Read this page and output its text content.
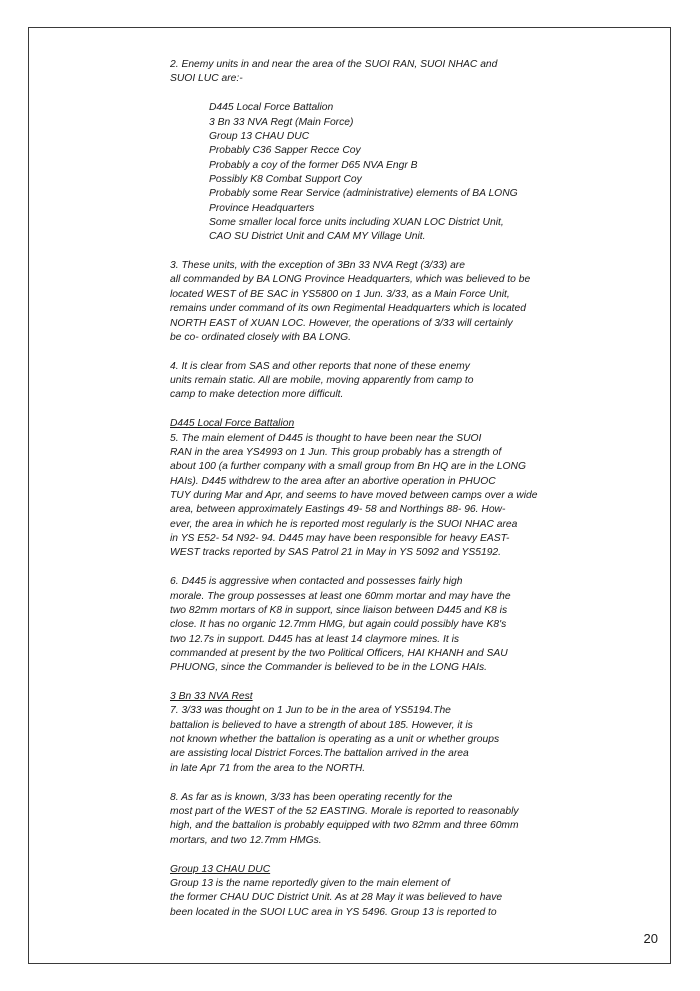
2. Enemy units in and near the area of the SUOI RAN, SUOI NHAC and
SUOI LUC are:-
D445 Local Force Battalion
3 Bn 33 NVA Regt (Main Force)
Group 13 CHAU DUC
Probably C36 Sapper Recce Coy
Probably a coy of the former D65 NVA Engr B
Possibly K8 Combat Support Coy
Probably some Rear Service (administrative) elements of BA LONG
Province Headquarters
Some smaller local force units including XUAN LOC District Unit,
CAO SU District Unit and CAM MY Village Unit.
3. These units, with the exception of 3Bn 33 NVA Regt (3/33) are
all commanded by BA LONG Province Headquarters, which was believed to be
located WEST of BE SAC in YS5800 on 1 Jun. 3/33, as a Main Force Unit,
remains under command of its own Regimental Headquarters which is located
NORTH EAST of XUAN LOC. However, the operations of 3/33 will certainly
be co- ordinated closely with BA LONG.
4. It is clear from SAS and other reports that none of these enemy
units remain static. All are mobile, moving apparently from camp to
camp to make detection more difficult.
D445 Local Force Battalion
5. The main element of D445 is thought to have been near the SUOI
RAN in the area YS4993 on 1 Jun. This group probably has a strength of
about 100 (a further company with a small group from Bn HQ are in the LONG
HAIs). D445 withdrew to the area after an abortive operation in PHUOC
TUY during Mar and Apr, and seems to have moved between camps over a wide
area, between approximately Eastings 49- 58 and Northings 88- 96. How-
ever, the area in which he is reported most regularly is the SUOI NHAC area
in YS E52- 54 N92- 94. D445 may have been responsible for heavy EAST-
WEST tracks reported by SAS Patrol 21 in May in YS 5092 and YS5192.
6. D445 is aggressive when contacted and possesses fairly high
morale. The group possesses at least one 60mm mortar and may have the
two 82mm mortars of K8 in support, since liaison between D445 and K8 is
close. It has no organic 12.7mm HMG, but again could possibly have K8's
two 12.7s in support. D445 has at least 14 claymore mines. It is
commanded at present by the two Political Officers, HAI KHANH and SAU
PHUONG, since the Commander is believed to be in the LONG HAIs.
3 Bn 33 NVA Rest
7. 3/33 was thought on 1 Jun to be in the area of YS5194.The
battalion is believed to have a strength of about 185. However, it is
not known whether the battalion is operating as a unit or whether groups
are assisting local District Forces.The battalion arrived in the area
in late Apr 71 from the area to the NORTH.
8. As far as is known, 3/33 has been operating recently for the
most part of the WEST of the 52 EASTING. Morale is reported to reasonably
high, and the battalion is probably equipped with two 82mm and three 60mm
mortars, and two 12.7mm HMGs.
Group 13 CHAU DUC
Group 13 is the name reportedly given to the main element of
the former CHAU DUC District Unit. As at 28 May it was believed to have
been located in the SUOI LUC area in YS 5496. Group 13 is reported to
20
